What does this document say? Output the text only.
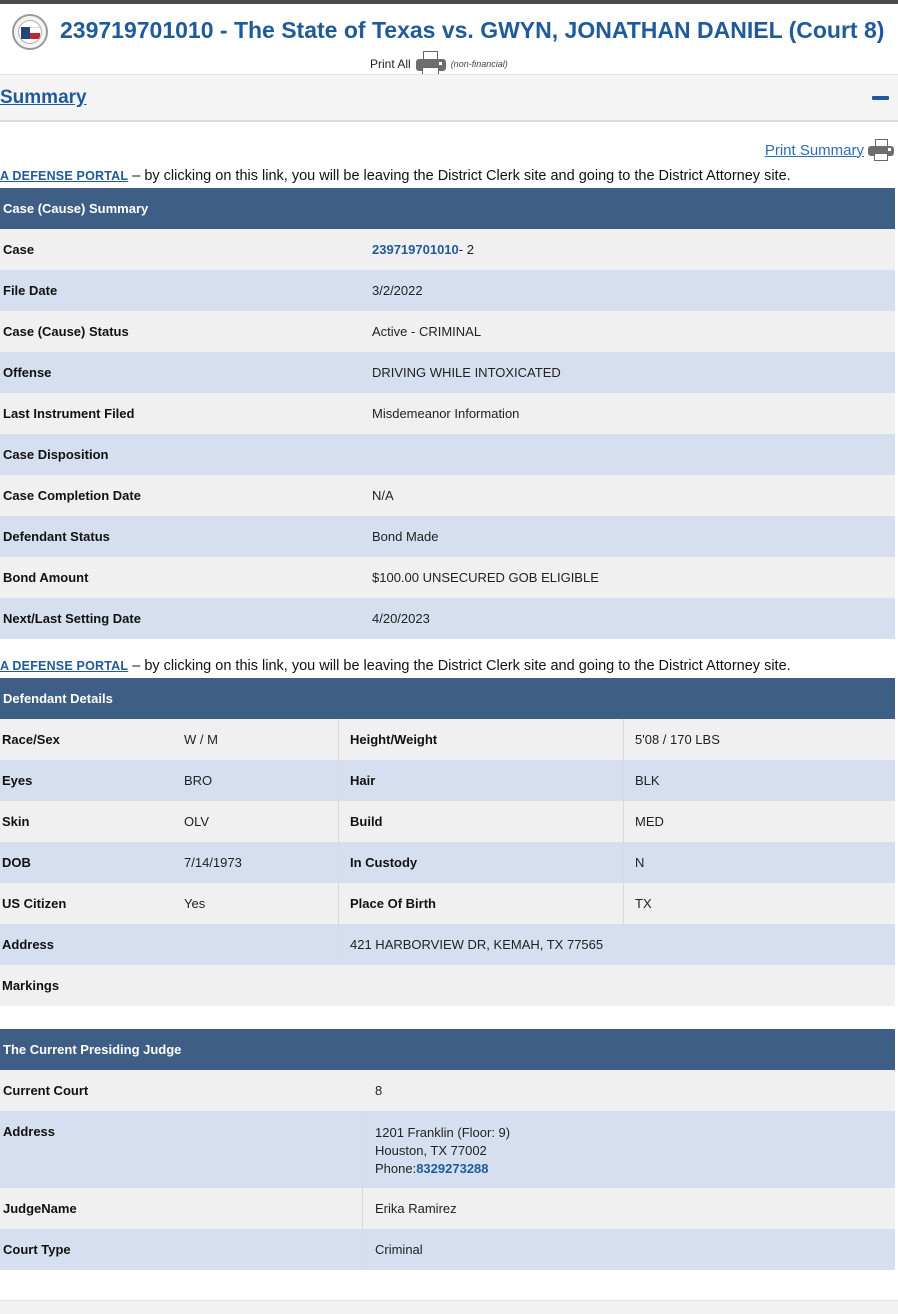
239719701010 - The State of Texas vs. GWYN, JONATHAN DANIEL (Court 8)
Print All	(non-financial)
Summary
Print Summary
A DEFENSE PORTAL – by clicking on this link, you will be leaving the District Clerk site and going to the District Attorney site.
Case (Cause) Summary
Case	239719701010 - 2
File Date	3/2/2022
Case (Cause) Status	Active - CRIMINAL
Offense	DRIVING WHILE INTOXICATED
Last Instrument Filed	Misdemeanor Information
Case Disposition
Case Completion Date	N/A
Defendant Status	Bond Made
Bond Amount	$100.00 UNSECURED GOB ELIGIBLE
Next/Last Setting Date	4/20/2023
A DEFENSE PORTAL – by clicking on this link, you will be leaving the District Clerk site and going to the District Attorney site.
Defendant Details
Race/Sex	W / M	Height/Weight	5'08 / 170 LBS
Eyes	BRO	Hair	BLK
Skin	OLV	Build	MED
DOB	7/14/1973	In Custody	N
US Citizen	Yes	Place Of Birth	TX
Address	421 HARBORVIEW DR, KEMAH, TX 77565
Markings
The Current Presiding Judge
Current Court	8
Address	1201 Franklin (Floor: 9)
Houston, TX 77002
Phone:8329273288
JudgeName	Erika Ramirez
Court Type	Criminal
